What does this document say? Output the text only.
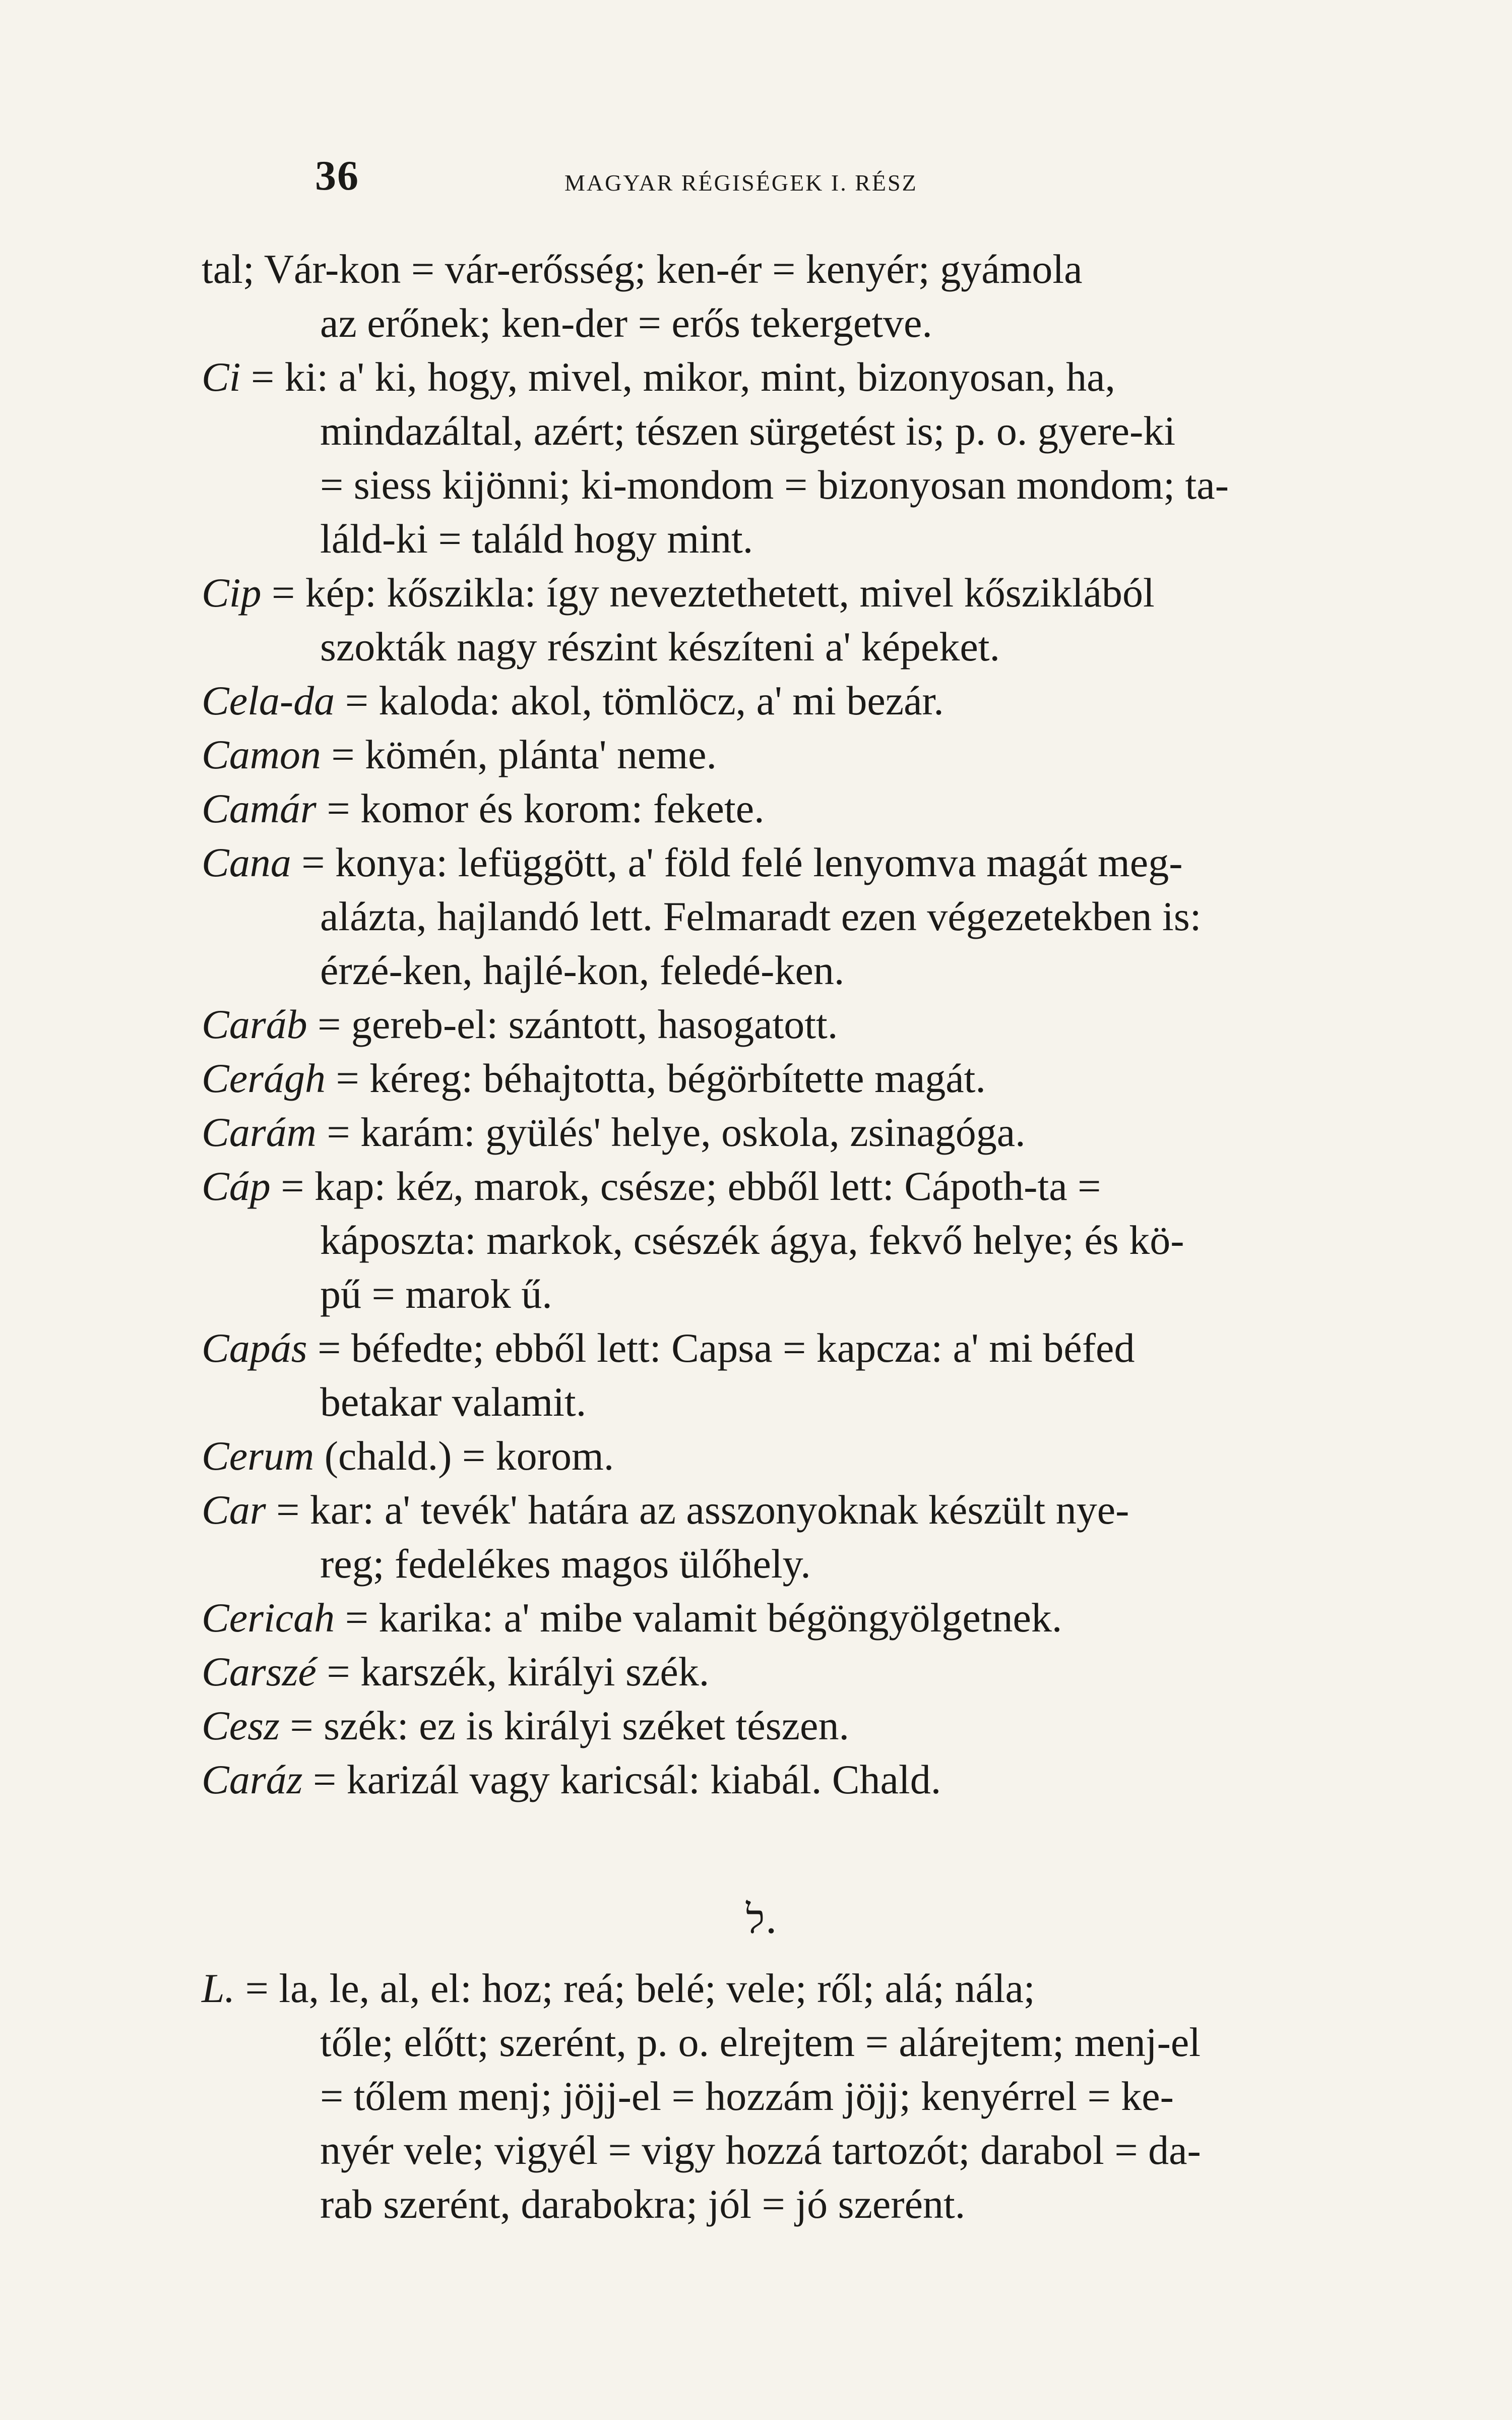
36	MAGYAR RÉGISÉGEK I. RÉSZ
tal; Vár-kon = vár-erősség; ken-ér = kenyér; gyámola
az erőnek; ken-der = erős tekergetve.
Ci = ki: a' ki, hogy, mivel, mikor, mint, bizonyosan, ha,
mindazáltal, azért; tészen sürgetést is; p. o. gyere-ki
= siess kijönni; ki-mondom = bizonyosan mondom; ta-
láld-ki = találd hogy mint.
Cip = kép: kőszikla: így neveztethetett, mivel kősziklából
szokták nagy részint készíteni a' képeket.
Cela-da = kaloda: akol, tömlöcz, a' mi bezár.
Camon = kömén, plánta' neme.
Camár = komor és korom: fekete.
Cana = konya: lefüggött, a' föld felé lenyomva magát meg-
alázta, hajlandó lett. Felmaradt ezen végezetekben is:
érzé-ken, hajlé-kon, feledé-ken.
Caráb = gereb-el: szántott, hasogatott.
Cerágh = kéreg: béhajtotta, bégörbítette magát.
Carám = karám: gyülés' helye, oskola, zsinagóga.
Cáp = kap: kéz, marok, csésze; ebből lett: Cápoth-ta =
káposzta: markok, csészék ágya, fekvő helye; és kö-
pű = marok ű.
Capás = béfedte; ebből lett: Capsa = kapcza: a' mi béfed
betakar valamit.
Cerum (chald.) = korom.
Car = kar: a' tevék' határa az asszonyoknak készült nye-
reg; fedelékes magos ülőhely.
Cericah = karika: a' mibe valamit bégöngyölgetnek.
Carszé = karszék, királyi szék.
Cesz = szék: ez is királyi széket tészen.
Caráz = karizál vagy karicsál: kiabál. Chald.
ל.
L. = la, le, al, el: hoz; reá; belé; vele; ről; alá; nála;
tőle; előtt; szerént, p. o. elrejtem = alárejtem; menj-el
= tőlem menj; jöjj-el = hozzám jöjj; kenyérrel = ke-
nyér vele; vigyél = vigy hozzá tartozót; darabol = da-
rab szerént, darabokra; jól = jó szerént.
